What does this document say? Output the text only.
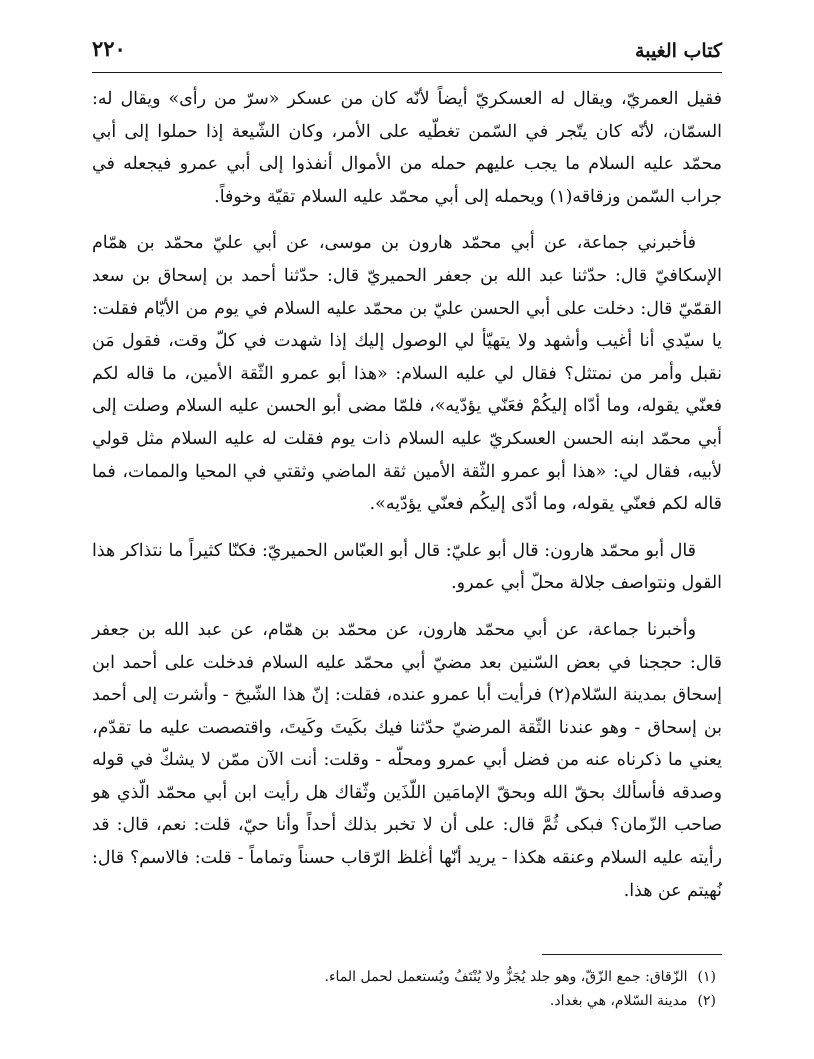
كتاب الغيبة
٢٢٠

فقيل العمريّ، ويقال له العسكريّ أيضاً لأنّه كان من عسكر «سرّ من رأى» ويقال له: السمّان، لأنّه كان يتّجر في السّمن تغطّيه على الأمر، وكان الشّيعة إذا حملوا إلى أبي محمّد عليه السلام ما يجب عليهم حمله من الأموال أنفذوا إلى أبي عمرو فيجعله في جراب السّمن وزقاقه(١) ويحمله إلى أبي محمّد عليه السلام تقيّة وخوفاً.

فأخبرني جماعة، عن أبي محمّد هارون بن موسى، عن أبي عليّ محمّد بن همّام الإسكافيّ قال: حدّثنا عبد الله بن جعفر الحميريّ قال: حدّثنا أحمد بن إسحاق بن سعد القمّيّ قال: دخلت على أبي الحسن عليّ بن محمّد عليه السلام في يوم من الأيّام فقلت: يا سيّدي أنا أغيب وأشهد ولا يتهيّأ لي الوصول إليك إذا شهدت في كلّ وقت، فقول مَن نقبل وأمر من نمتثل؟ فقال لي عليه السلام: «هذا أبو عمرو الثّقة الأمين، ما قاله لكم فعنّي يقوله، وما أدّاه إليكُمْ فعَنّي يؤدّيه»، فلمّا مضى أبو الحسن عليه السلام وصلت إلى أبي محمّد ابنه الحسن العسكريّ عليه السلام ذات يوم فقلت له عليه السلام مثل قولي لأبيه، فقال لي: «هذا أبو عمرو الثّقة الأمين ثقة الماضي وثقتي في المحيا والممات، فما قاله لكم فعنّي يقوله، وما أدّى إليكُم فعنّي يؤدّيه».

قال أبو محمّد هارون: قال أبو عليّ: قال أبو العبّاس الحميريّ: فكنّا كثيراً ما نتذاكر هذا القول ونتواصف جلالة محلّ أبي عمرو.

وأخبرنا جماعة، عن أبي محمّد هارون، عن محمّد بن همّام، عن عبد الله بن جعفر قال: حججنا في بعض السّنين بعد مضيّ أبي محمّد عليه السلام فدخلت على أحمد ابن إسحاق بمدينة السّلام(٢) فرأيت أبا عمرو عنده، فقلت: إنّ هذا الشّيخ - وأشرت إلى أحمد بن إسحاق - وهو عندنا الثّقة المرضيّ حدّثنا فيك بكَيتَ وكَيتَ، واقتصصت عليه ما تقدّم، يعني ما ذكرناه عنه من فضل أبي عمرو ومحلّه - وقلت: أنت الآن ممّن لا يشكّ في قوله وصدقه فأسألك بحقّ الله وبحقّ الإمامَين اللّذَين وثّقاك هل رأيت ابن أبي محمّد الّذي هو صاحب الزّمان؟ فبكى ثُمَّ قال: على أن لا تخبر بذلك أحداً وأنا حيّ، قلت: نعم، قال: قد رأيته عليه السلام وعنقه هكذا - يريد أنّها أغلظ الرّقاب حسناً وتماماً - قلت: فالاسم؟ قال: نُهيتم عن هذا.

(١)الزّقاق: جمع الزّقّ، وهو جلد يُجَزُّ ولا يُنْتَفُ ويُستعمل لحمل الماء.

(٢)مدينة السّلام، هي بغداد.
